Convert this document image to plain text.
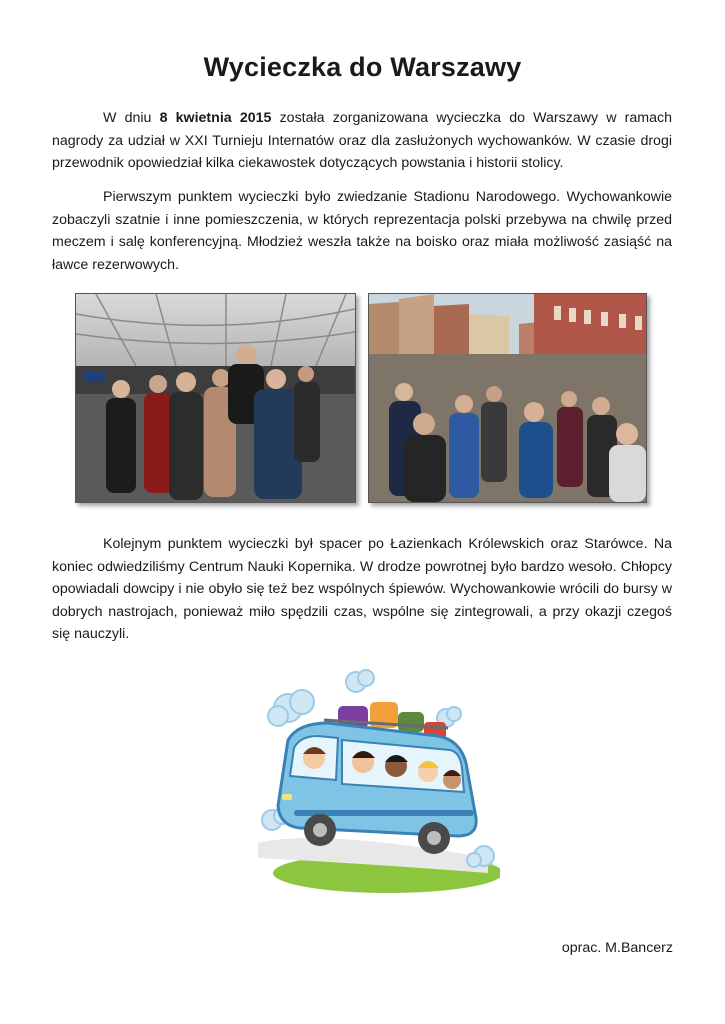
Wycieczka do Warszawy

W dniu 8 kwietnia 2015 została zorganizowana wycieczka do Warszawy w ramach nagrody za udział w XXI Turnieju Internatów oraz dla zasłużonych wychowanków. W czasie drogi przewodnik opowiedział kilka ciekawostek dotyczących powstania i historii stolicy.

Pierwszym punktem wycieczki było zwiedzanie Stadionu Narodowego. Wychowankowie zobaczyli szatnie i inne pomieszczenia, w których reprezentacja polski przebywa na chwilę przed meczem i salę konferencyjną. Młodzież weszła także na boisko oraz miała możliwość zasiąść na ławce rezerwowych.

Kolejnym punktem wycieczki był spacer po Łazienkach Królewskich oraz Starówce. Na koniec odwiedziliśmy Centrum Nauki Kopernika. W drodze powrotnej było bardzo wesoło. Chłopcy opowiadali dowcipy i nie obyło się też bez wspólnych śpiewów. Wychowankowie wrócili do bursy w dobrych nastrojach, ponieważ miło spędzili czas, wspólne się zintegrowali, a przy okazji czegoś się nauczyli.

oprac. M.Bancerz
